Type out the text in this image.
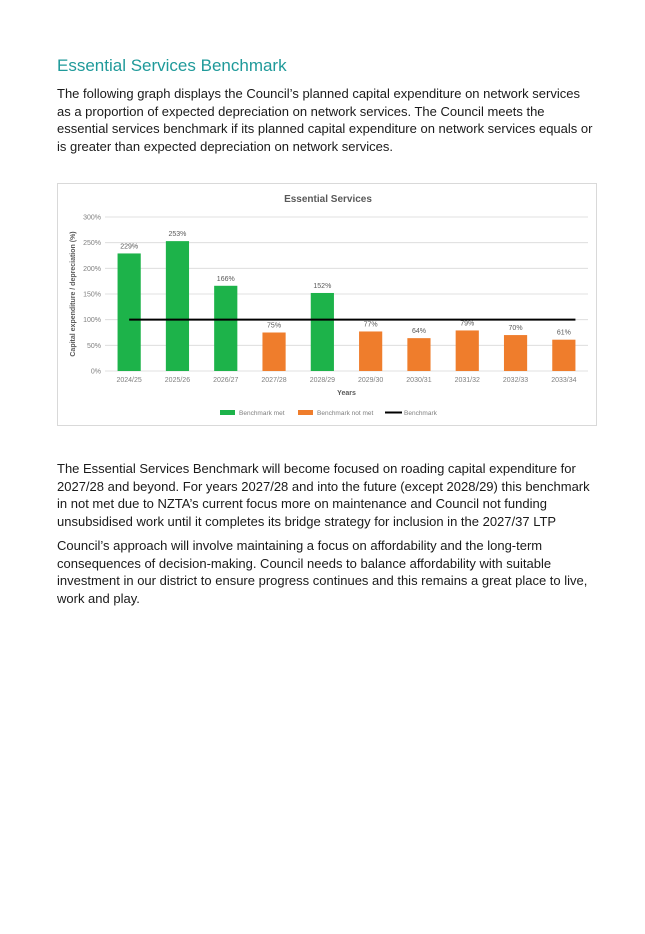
Essential Services Benchmark

The following graph displays the Council’s planned capital expenditure on network services as a proportion of expected depreciation on network services. The Council meets the essential services benchmark if its planned capital expenditure on network services equals or is greater than expected depreciation on network services.

Essential Services
0%
50%
100%
150%
200%
250%
300%
229%
253%
166%
75%
152%
77%
64%
79%
70%
61%
2024/25	2025/26	2026/27	2027/28	2028/29	2029/30	2030/31	2031/32	2032/33	2033/34
Capital expenditure / depreciation (%)
Years
Benchmark met	Benchmark not met	Benchmark

The Essential Services Benchmark will become focused on roading capital expenditure for 2027/28 and beyond. For years 2027/28 and into the future (except 2028/29) this benchmark in not met due to NZTA’s current focus more on maintenance and Council not funding unsubsidised work until it completes its bridge strategy for inclusion in the 2027/37 LTP

Council’s approach will involve maintaining a focus on affordability and the long-term consequences of decision-making. Council needs to balance affordability with suitable investment in our district to ensure progress continues and this remains a great place to live, work and play.
